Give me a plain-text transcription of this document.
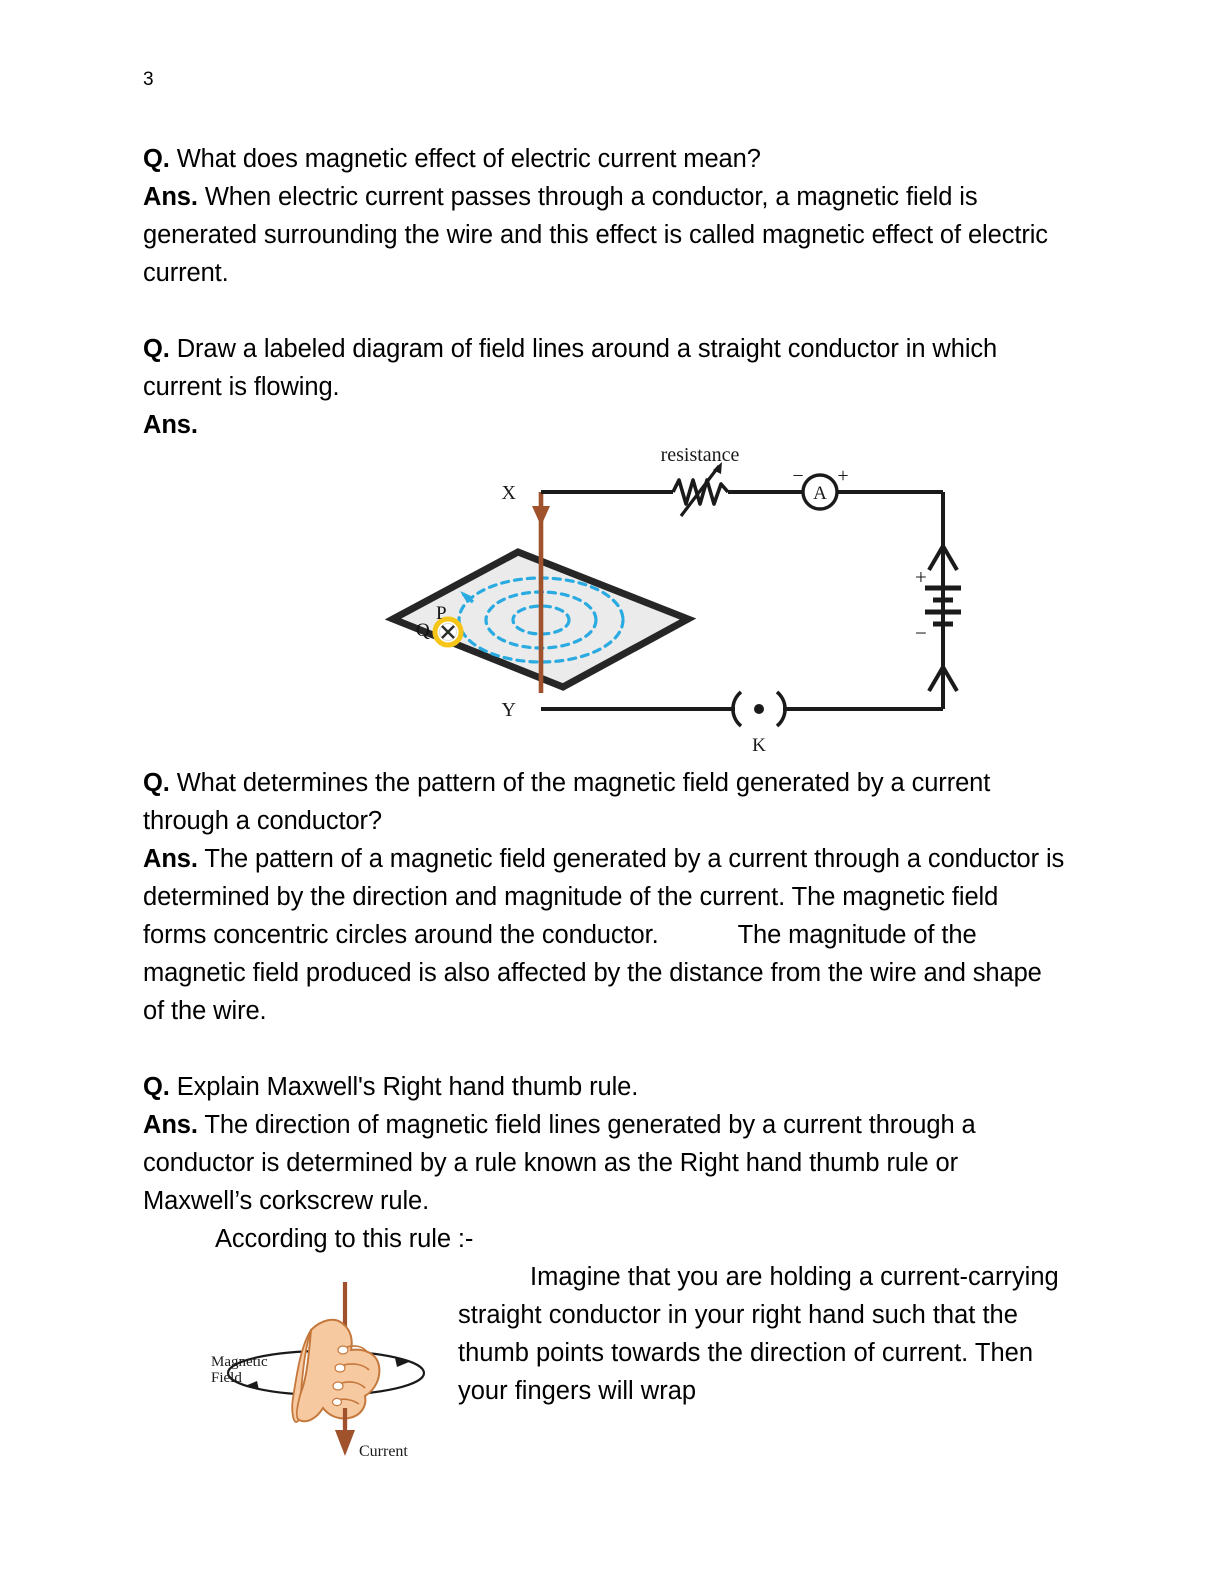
3

Q. What does magnetic effect of electric current mean?
Ans. When electric current passes through a conductor, a magnetic field is generated surrounding the wire and this effect is called magnetic effect of electric current.

Q. Draw a labeled diagram of field lines around a straight conductor in which current is flowing.
Ans.

P
Q
resistance
A
− +
+
−
K
X
Y

Q. What determines the pattern of the magnetic field generated by a current through a conductor?
Ans. The pattern of a magnetic field generated by a current through a conductor is determined by the direction and magnitude of the current. The magnetic field forms concentric circles around the conductor.	The magnitude of the magnetic field produced is also affected by the distance from the wire and shape of the wire.

Q. Explain Maxwell's Right hand thumb rule.
Ans. The direction of magnetic field lines generated by a current through a conductor is determined by a rule known as the Right hand thumb rule or Maxwell’s corkscrew rule.
According to this rule :-

Magnetic
Field
Current
Imagine that you are holding a current-carrying straight conductor in your right hand such that the thumb points towards the direction of current. Then your fingers will wrap
